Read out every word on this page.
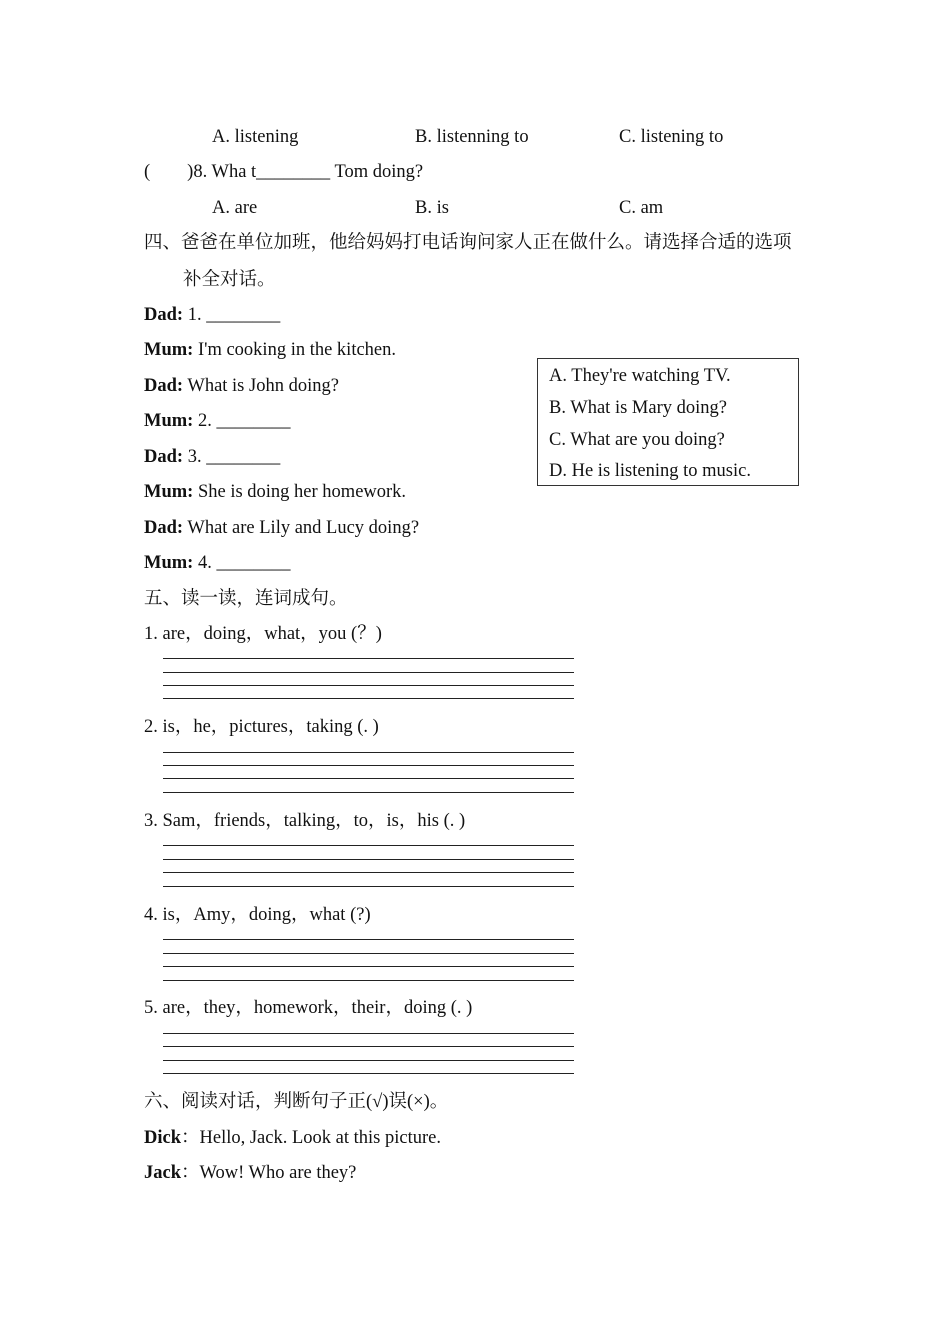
A. listening	B. listenning to	C. listening to
(        )8. Wha t________ Tom doing?
A. are	B. is	C. am
四、爸爸在单位加班，他给妈妈打电话询问家人正在做什么。请选择合适的选项
补全对话。
Dad: 1. ________
Mum: I'm cooking in the kitchen.
Dad: What is John doing?
Mum: 2. ________
Dad: 3. ________
Mum: She is doing her homework.
Dad: What are Lily and Lucy doing?
Mum: 4. ________
A. They're watching TV.
B. What is Mary doing?
C. What are you doing?
D. He is listening to music.
五、读一读，连词成句。
1. are，doing，what，you (？)
2. is，he，pictures，taking (. )
3. Sam，friends，talking，to，is，his (. )
4. is，Amy，doing，what (?)
5. are，they，homework，their，doing (. )
六、阅读对话，判断句子正(√)误(×)。
Dick：Hello, Jack. Look at this picture.
Jack：Wow! Who are they?
